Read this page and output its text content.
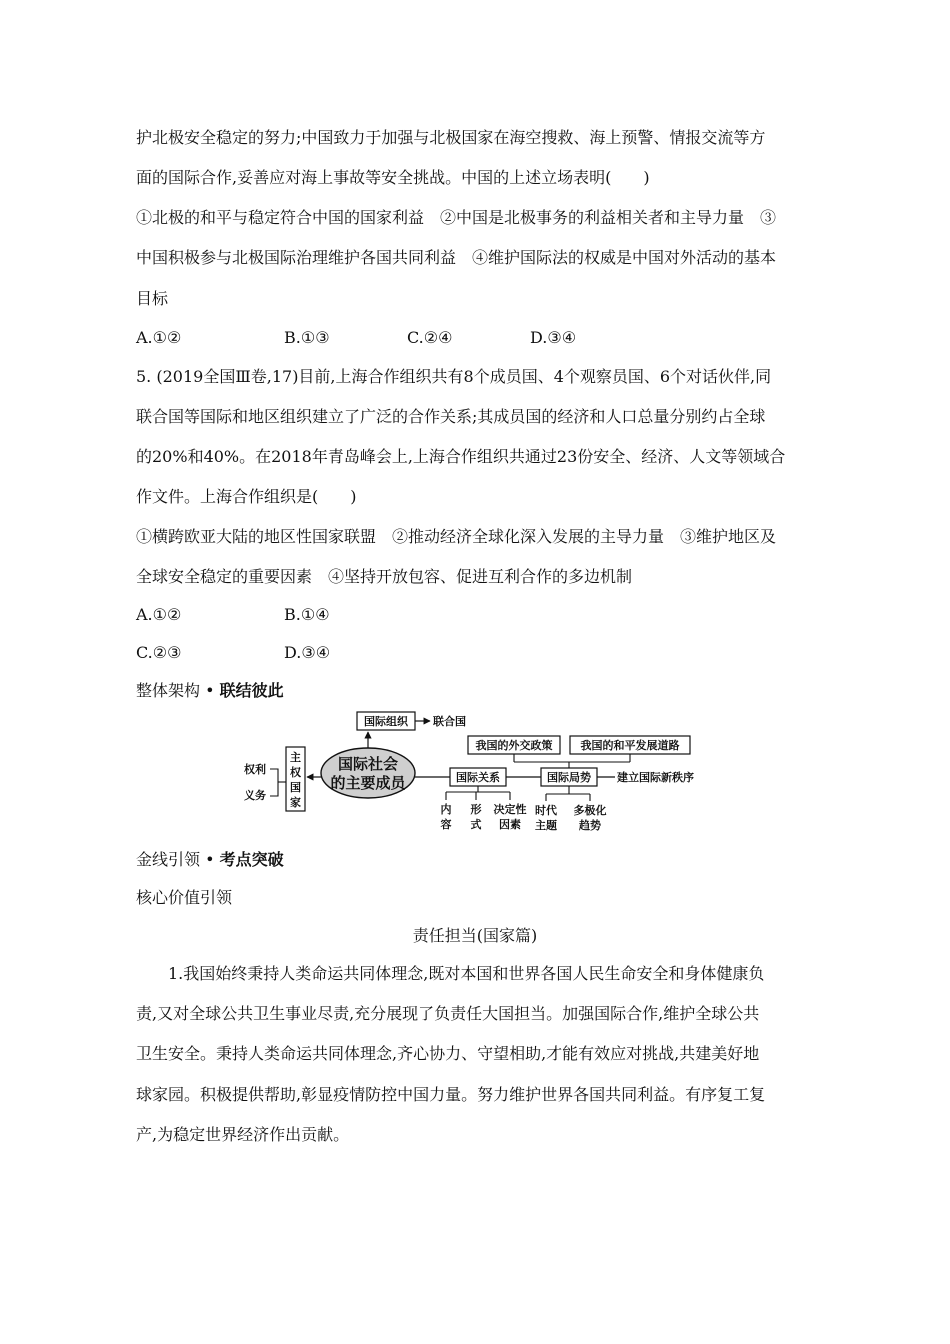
护北极安全稳定的努力;中国致力于加强与北极国家在海空搜救、海上预警、情报交流等方
面的国际合作,妥善应对海上事故等安全挑战。中国的上述立场表明(　　)
①北极的和平与稳定符合中国的国家利益　②中国是北极事务的利益相关者和主导力量　③
中国积极参与北极国际治理维护各国共同利益　④维护国际法的权威是中国对外活动的基本
目标
A.①②	B.①③	C.②④	D.③④
5. (2019全国Ⅲ卷,17)目前,上海合作组织共有8个成员国、4个观察员国、6个对话伙伴,同
联合国等国际和地区组织建立了广泛的合作关系;其成员国的经济和人口总量分别约占全球
的20%和40%。在2018年青岛峰会上,上海合作组织共通过23份安全、经济、人文等领域合
作文件。上海合作组织是(　　)
①横跨欧亚大陆的地区性国家联盟　②推动经济全球化深入发展的主导力量　③维护地区及
全球安全稳定的重要因素　④坚持开放包容、促进互利合作的多边机制
A.①②	B.①④
C.②③	D.③④
整体架构 • 联结彼此
国际社会
的主要成员
国际组织 联合国
主
权
国
家
权利
义务
国际关系	国际局势 建立国际新秩序
我国的外交政策	我国的和平发展道路
内
容
形
式
决定性
因素
时代
主题
多极化
趋势
金线引领 • 考点突破
核心价值引领
责任担当(国家篇)
1.我国始终秉持人类命运共同体理念,既对本国和世界各国人民生命安全和身体健康负
责,又对全球公共卫生事业尽责,充分展现了负责任大国担当。加强国际合作,维护全球公共
卫生安全。秉持人类命运共同体理念,齐心协力、守望相助,才能有效应对挑战,共建美好地
球家园。积极提供帮助,彰显疫情防控中国力量。努力维护世界各国共同利益。有序复工复
产,为稳定世界经济作出贡献。
